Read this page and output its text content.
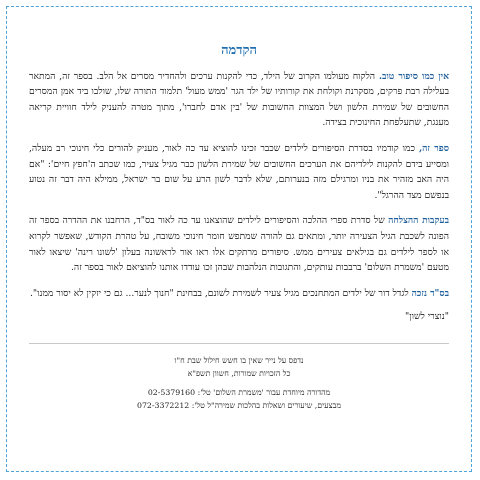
הקדמה

אין כמו סיפור טוב. הלקוח מעולמו הקרוב של הילד, כדי להקנות ערכים ולהחדיר מסרים אל הלב. בספר זה, המתאר בעלילה רבת פרקים, מסקרנת וקולחת את קורותיו של ילד הגר 'ממש מעול' תלמוד התורה שלו, שולבו ביד אמן המסרים החשובים של שמירת הלשון ושל המצוות החשובות של 'בין אדם לחברו', מתוך מטרה להעניק לילד חוויית קריאה מענגת, שתעלפחת החינוכית בצידה.

ספר זה, כמו קודמיו בסדרת הסיפורים לילדים שכבר זכינו להוציא עד כה לאור, מעניק להורים כלי חינוכי רב מעלה, ומסייע בידם להקנות לילדיהם את הערכים החשובים של שמירת הלשון כבר מגיל צעיר, כמו שכתב ה'חפץ חיים': "אם היה האב מזהיר את בניו ומרגילם מזה בנערותם, שלא לדבר לשון הרע על שום בר ישראל, ממילא היה דבר זה נטוע בנפשם מצד ההרגל".

בעקבות ההצלחה של סדרת ספרי ההלכה והסיפורים לילדים שהוצאנו עד כה לאור בס"ד, הרחבנו את ההדרה בספר זה הפונה לשכבת הגיל הצעירה יותר, ומתאים גם להורה שמתפש חומר חינוכי משובח, על טהרת הקודש, שאפשר לקרוא או לספר לילדים גם בגילאים צעירים ממש. סיפורים מרתקים אלו ראו אור לראשונה בעלון 'לשונו רינה' שיצאו לאור מטעם 'משמרת השלום' ברבבות עותקים, והתגובות הנלהבות שבהן זכו עודדו אותנו להוציאם לאור בספר זה.

בס"ד נזכה לגדל דור של ילדים המתחנכים מגיל צעיר לשמירת לשונם, בבחינת "חנוך לנער... גם כי יזקין לא יסור ממנו".

"נוצרי לשון"

נדפס על נייר שאין בו חשש חילול שבת ח"ו
כל הזכויות שמורות, חשוון תשפ"א
מהדורה מיוחדת עבור 'משמרת השלום' טל': 02-5379160
מבצעים, שיעורים ושאלות בהלכות שמירה"ל טל': 072-3372212
